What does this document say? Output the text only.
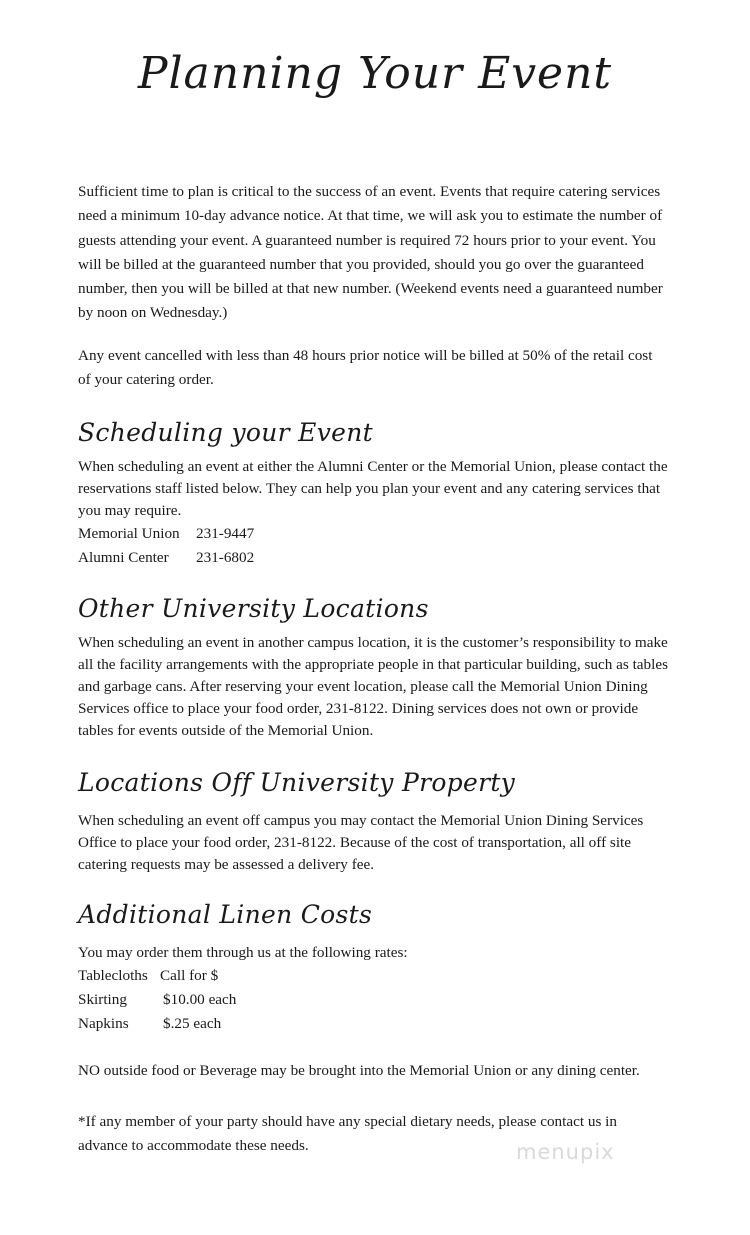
Planning Your Event
Sufficient time to plan is critical to the success of an event. Events that require catering services need a minimum 10-day advance notice. At that time, we will ask you to estimate the number of guests attending your event. A guaranteed number is required 72 hours prior to your event. You will be billed at the guaranteed number that you provided, should you go over the guaranteed number, then you will be billed at that new number. (Weekend events need a guaranteed number by noon on Wednesday.)
Any event cancelled with less than 48 hours prior notice will be billed at 50% of the retail cost of your catering order.
Scheduling your Event
When scheduling an event at either the Alumni Center or the Memorial Union, please contact the reservations staff listed below. They can help you plan your event and any catering services that you may require.
Memorial Union	231-9447
Alumni Center	231-6802
Other University Locations
When scheduling an event in another campus location, it is the customer’s responsibility to make all the facility arrangements with the appropriate people in that particular building, such as tables and garbage cans. After reserving your event location, please call the Memorial Union Dining Services office to place your food order, 231-8122. Dining services does not own or provide tables for events outside of the Memorial Union.
Locations Off University Property
When scheduling an event off campus you may contact the Memorial Union Dining Services Office to place your food order, 231-8122. Because of the cost of transportation, all off site catering requests may be assessed a delivery fee.
Additional Linen Costs
You may order them through us at the following rates:
Tablecloths Call for $
Skirting	$10.00 each
Napkins	$.25 each
NO outside food or Beverage may be brought into the Memorial Union or any dining center.
*If any member of your party should have any special dietary needs, please contact us in advance to accommodate these needs.	menupix
